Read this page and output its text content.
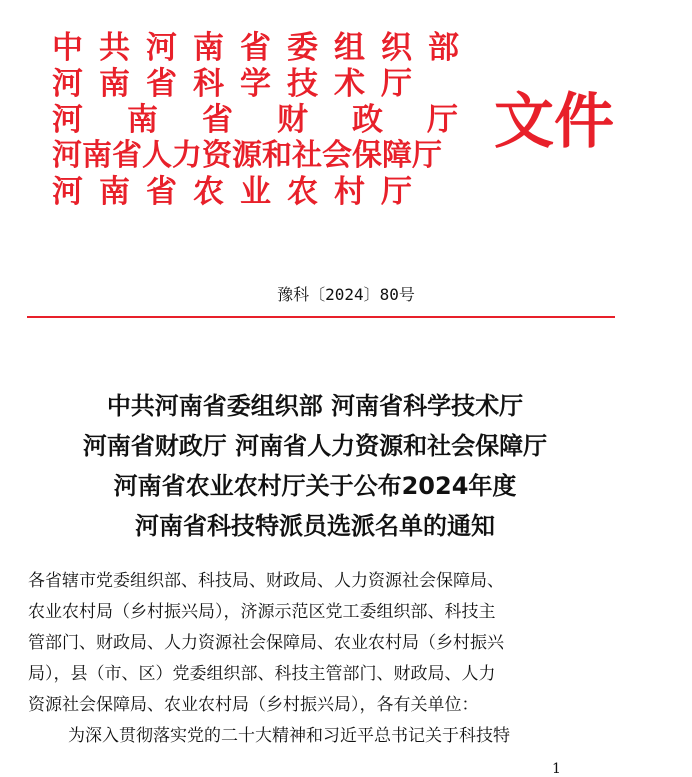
中共河南省委组织部
河南省科学技术厅
河南省财政厅
河南省人力资源和社会保障厅
河南省农业农村厅
文件
豫科〔2024〕80号
中共河南省委组织部 河南省科学技术厅
河南省财政厅 河南省人力资源和社会保障厅
河南省农业农村厅关于公布2024年度
河南省科技特派员选派名单的通知
各省辖市党委组织部、科技局、财政局、人力资源社会保障局、
农业农村局（乡村振兴局），济源示范区党工委组织部、科技主
管部门、财政局、人力资源社会保障局、农业农村局（乡村振兴
局），县（市、区）党委组织部、科技主管部门、财政局、人力
资源社会保障局、农业农村局（乡村振兴局），各有关单位：
为深入贯彻落实党的二十大精神和习近平总书记关于科技特
1
